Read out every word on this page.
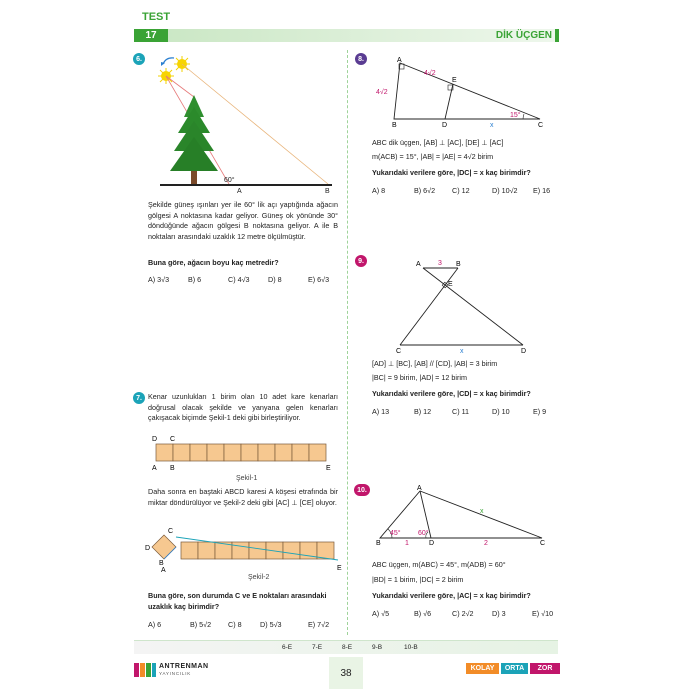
TEST
17	DİK ÜÇGEN
6.
60°
A	B
Şekilde güneş ışınları yer ile 60° lik açı yaptığında ağacın gölgesi A noktasına kadar geliyor. Güneş ok yönünde 30° döndüğünde ağacın gölgesi B noktasına geliyor. A ile B noktaları arasındaki uzaklık 12 metre ölçülmüştür.
Buna göre, ağacın boyu kaç metredir?
A) 3√3	B) 6	C) 4√3	D) 8	E) 6√3
7. Kenar uzunlukları 1 birim olan 10 adet kare kenarları doğrusal olacak şekilde ve yanyana gelen kenarları çakışacak biçimde Şekil-1 deki gibi birleştiriliyor.
D C
A B	E
Şekil-1
Daha sonra en baştaki ABCD karesi A köşesi etrafında bir miktar döndürülüyor ve Şekil-2 deki gibi [AC] ⊥ [CE] oluyor.
C
D
B
A	E
Şekil-2
Buna göre, son durumda C ve E noktaları arasındaki uzaklık kaç birimdir?
A) 6	B) 5√2 C) 8	D) 5√3	E) 7√2
8.	A
E
B	D	C
4√2
4√2
x
15°
ABC dik üçgen, [AB] ⊥ [AC], [DE] ⊥ [AC]
m(ACB) = 15°, |AB| = |AE| = 4√2 birim
Yukarıdaki verilere göre, |DC| = x kaç birimdir?
A) 8	B) 6√2 C) 12	D) 10√2 E) 16
9.	A	B
E
C	D
3
x
[AD] ⊥ [BC], [AB] // [CD], |AB| = 3 birim
|BC| = 9 birim, |AD| = 12 birim
Yukarıdaki verilere göre, |CD| = x kaç birimdir?
A) 13	B) 12	C) 11	D) 10	E) 9
10.	A
B	D	C
45° 60°
1	2
x
ABC üçgen, m(ABC) = 45°, m(ADB) = 60°
|BD| = 1 birim, |DC| = 2 birim
Yukarıdaki verilere göre, |AC| = x kaç birimdir?
A) √5	B) √6	C) 2√2	D) 3	E) √10
6-E	7-E	8-E	9-B	10-B
ANTRENMAN
YAYINCILIK	38	KOLAY	ORTA	ZOR
